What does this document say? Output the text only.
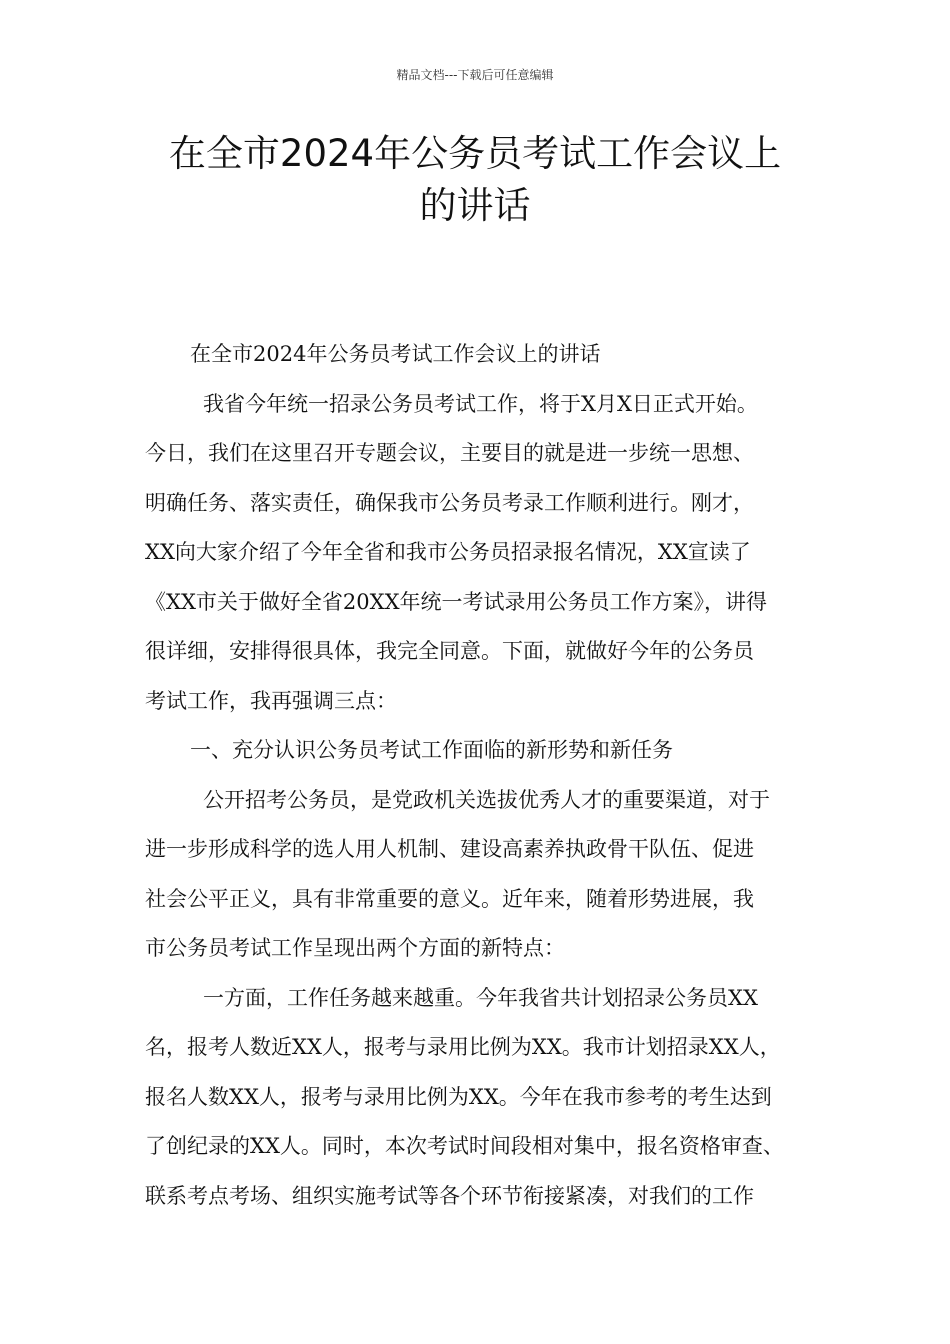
精品文档---下载后可任意编辑
在全市2024年公务员考试工作会议上
的讲话
在全市2024年公务员考试工作会议上的讲话
我省今年统一招录公务员考试工作，将于X月X日正式开始。
今日，我们在这里召开专题会议，主要目的就是进一步统一思想、
明确任务、落实责任，确保我市公务员考录工作顺利进行。刚才，
XX向大家介绍了今年全省和我市公务员招录报名情况，XX宣读了
《XX市关于做好全省20XX年统一考试录用公务员工作方案》，讲得
很详细，安排得很具体，我完全同意。下面，就做好今年的公务员
考试工作，我再强调三点：
一、充分认识公务员考试工作面临的新形势和新任务
公开招考公务员，是党政机关选拔优秀人才的重要渠道，对于
进一步形成科学的选人用人机制、建设高素养执政骨干队伍、促进
社会公平正义，具有非常重要的意义。近年来，随着形势进展，我
市公务员考试工作呈现出两个方面的新特点：
一方面，工作任务越来越重。今年我省共计划招录公务员XX
名，报考人数近XX人，报考与录用比例为XX。我市计划招录XX人，
报名人数XX人，报考与录用比例为XX。今年在我市参考的考生达到
了创纪录的XX人。同时，本次考试时间段相对集中，报名资格审查、
联系考点考场、组织实施考试等各个环节衔接紧凑，对我们的工作
